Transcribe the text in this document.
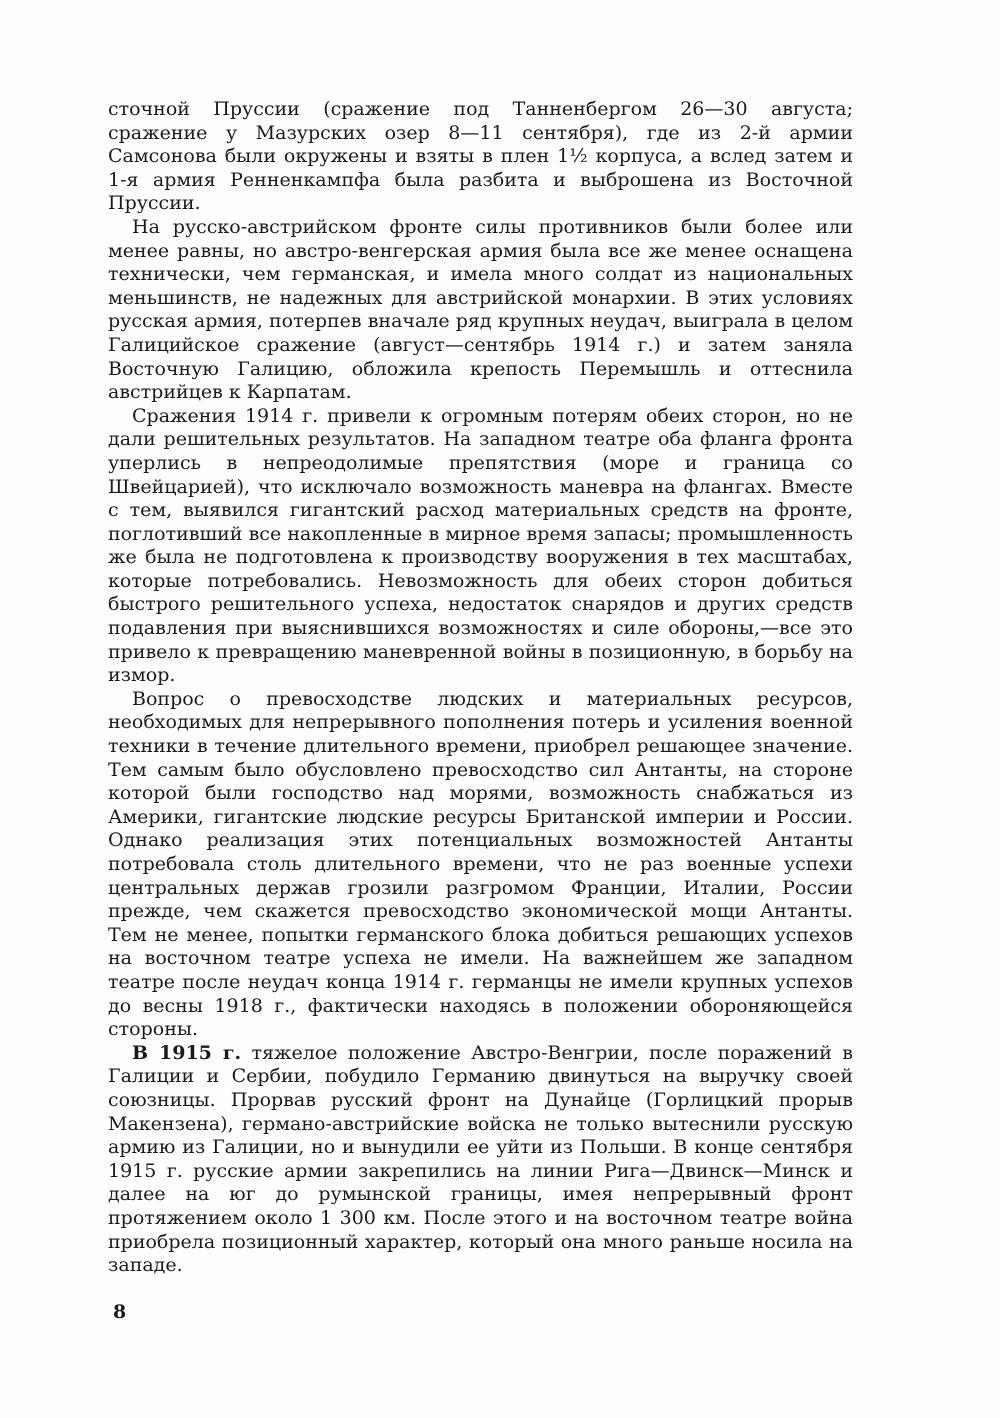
сточной Пруссии (сражение под Танненбергом 26—30 августа; сражение у Мазурских озер 8—11 сентября), где из 2-й армии Самсонова были окружены и взяты в плен 1½ корпуса, а вслед затем и 1-я армия Ренненкампфа была разбита и выброшена из Восточной Пруссии.

На русско-австрийском фронте силы противников были более или менее равны, но австро-венгерская армия была все же менее оснащена технически, чем германская, и имела много солдат из национальных меньшинств, не надежных для австрийской монархии. В этих условиях русская армия, потерпев вначале ряд крупных неудач, выиграла в целом Галицийское сражение (август—сентябрь 1914 г.) и затем заняла Восточную Галицию, обложила крепость Перемышль и оттеснила австрийцев к Карпатам.

Сражения 1914 г. привели к огромным потерям обеих сторон, но не дали решительных результатов. На западном театре оба фланга фронта уперлись в непреодолимые препятствия (море и граница со Швейцарией), что исключало возможность маневра на флангах. Вместе с тем, выявился гигантский расход материальных средств на фронте, поглотивший все накопленные в мирное время запасы; промышленность же была не подготовлена к производству вооружения в тех масштабах, которые потребовались. Невозможность для обеих сторон добиться быстрого решительного успеха, недостаток снарядов и других средств подавления при выяснившихся возможностях и силе обороны,—все это привело к превращению маневренной войны в позиционную, в борьбу на измор.

Вопрос о превосходстве людских и материальных ресурсов, необходимых для непрерывного пополнения потерь и усиления военной техники в течение длительного времени, приобрел решающее значение. Тем самым было обусловлено превосходство сил Антанты, на стороне которой были господство над морями, возможность снабжаться из Америки, гигантские людские ресурсы Британской империи и России. Однако реализация этих потенциальных возможностей Антанты потребовала столь длительного времени, что не раз военные успехи центральных держав грозили разгромом Франции, Италии, России прежде, чем скажется превосходство экономической мощи Антанты. Тем не менее, попытки германского блока добиться решающих успехов на восточном театре успеха не имели. На важнейшем же западном театре после неудач конца 1914 г. германцы не имели крупных успехов до весны 1918 г., фактически находясь в положении обороняющейся стороны.

В 1915 г. тяжелое положение Австро-Венгрии, после поражений в Галиции и Сербии, побудило Германию двинуться на выручку своей союзницы. Прорвав русский фронт на Дунайце (Горлицкий прорыв Макензена), германо-австрийские войска не только вытеснили русскую армию из Галиции, но и вынудили ее уйти из Польши. В конце сентября 1915 г. русские армии закрепились на линии Рига—Двинск—Минск и далее на юг до румынской границы, имея непрерывный фронт протяжением около 1 300 км. После этого и на восточном театре война приобрела позиционный характер, который она много раньше носила на западе.

8
